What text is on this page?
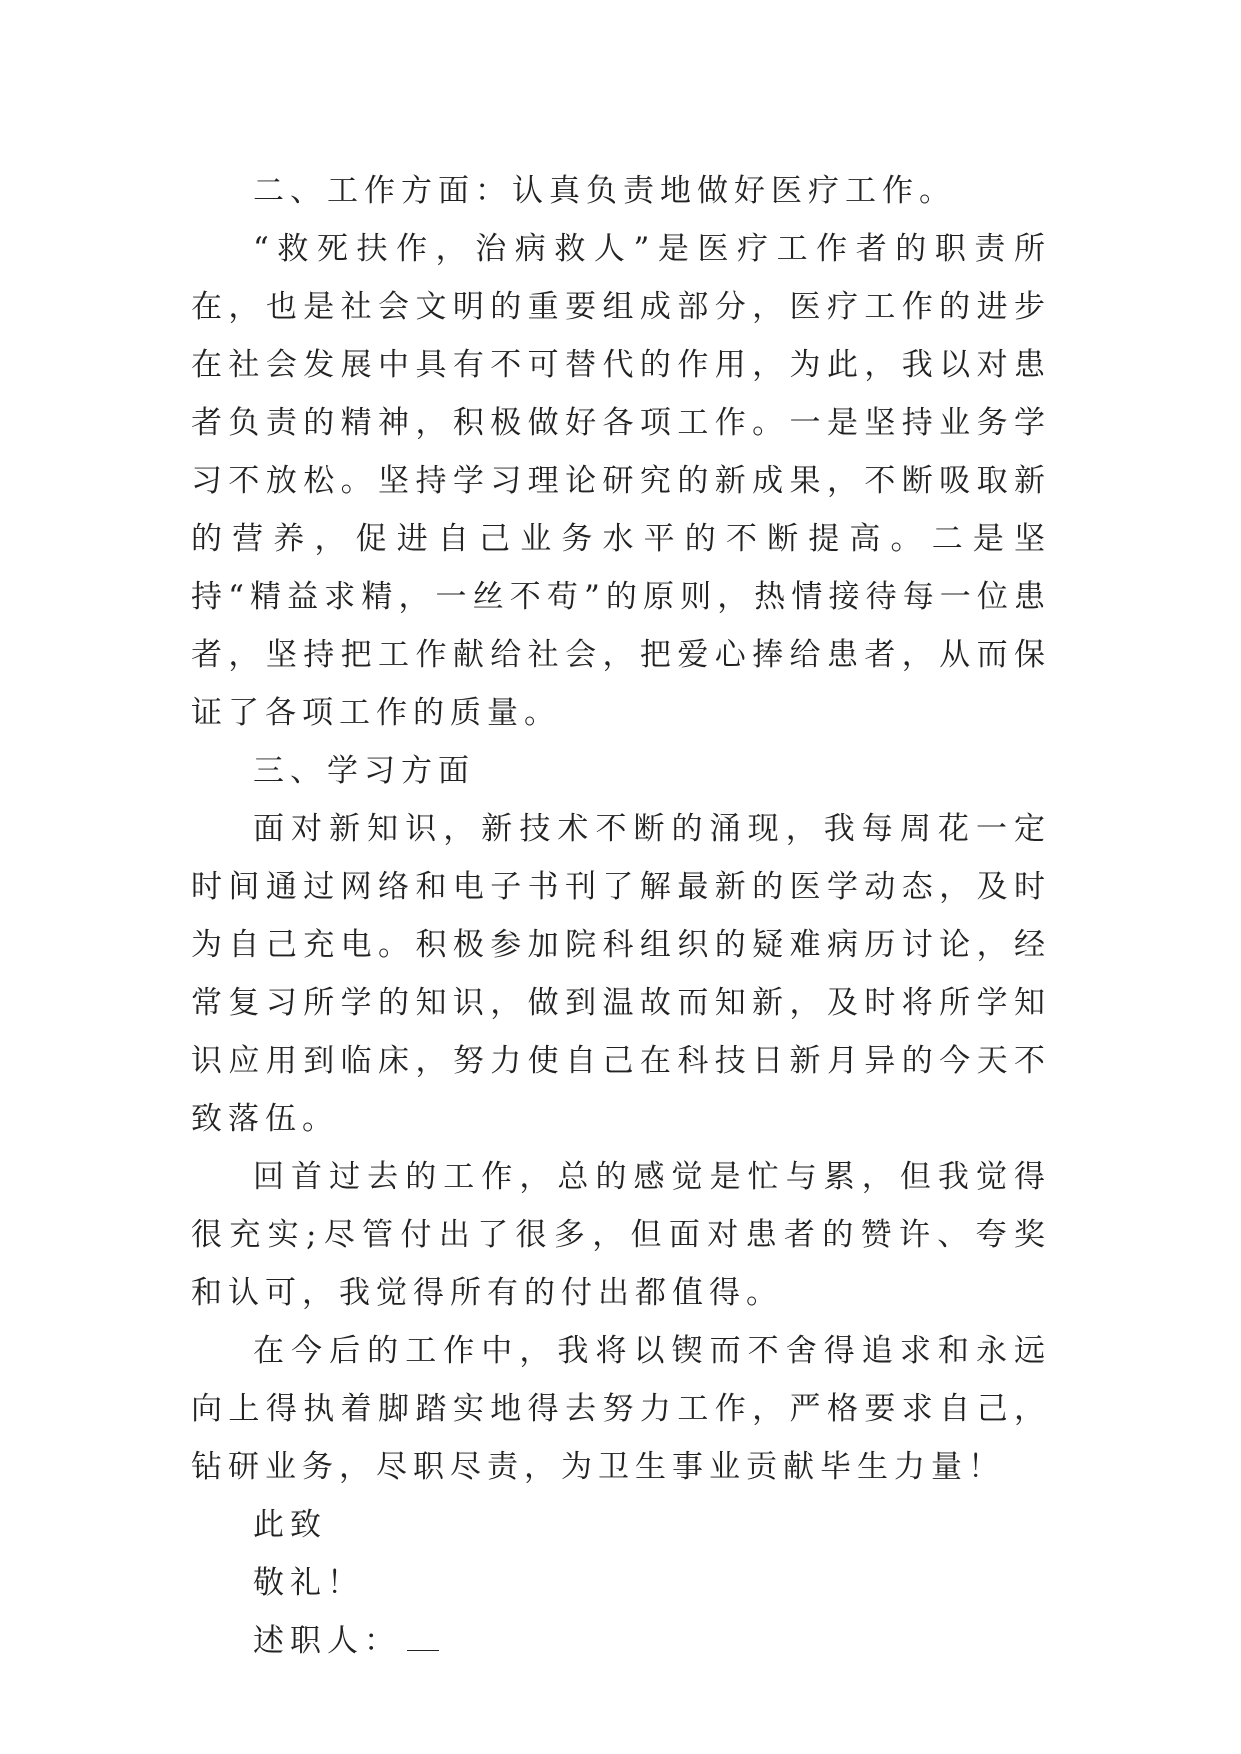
二、工作方面：认真负责地做好医疗工作。

“救死扶作，治病救人”是医疗工作者的职责所在，也是社会文明的重要组成部分，医疗工作的进步在社会发展中具有不可替代的作用，为此，我以对患者负责的精神，积极做好各项工作。一是坚持业务学习不放松。坚持学习理论研究的新成果，不断吸取新的营养，促进自己业务水平的不断提高。二是坚持“精益求精，一丝不苟”的原则，热情接待每一位患者，坚持把工作献给社会，把爱心捧给患者，从而保证了各项工作的质量。

三、学习方面

面对新知识，新技术不断的涌现，我每周花一定时间通过网络和电子书刊了解最新的医学动态，及时为自己充电。积极参加院科组织的疑难病历讨论，经常复习所学的知识，做到温故而知新，及时将所学知识应用到临床，努力使自己在科技日新月异的今天不致落伍。

回首过去的工作，总的感觉是忙与累，但我觉得很充实;尽管付出了很多，但面对患者的赞许、夸奖和认可，我觉得所有的付出都值得。

在今后的工作中，我将以锲而不舍得追求和永远向上得执着脚踏实地得去努力工作，严格要求自己，钻研业务，尽职尽责，为卫生事业贡献毕生力量！

此致

敬礼！

述职人：
